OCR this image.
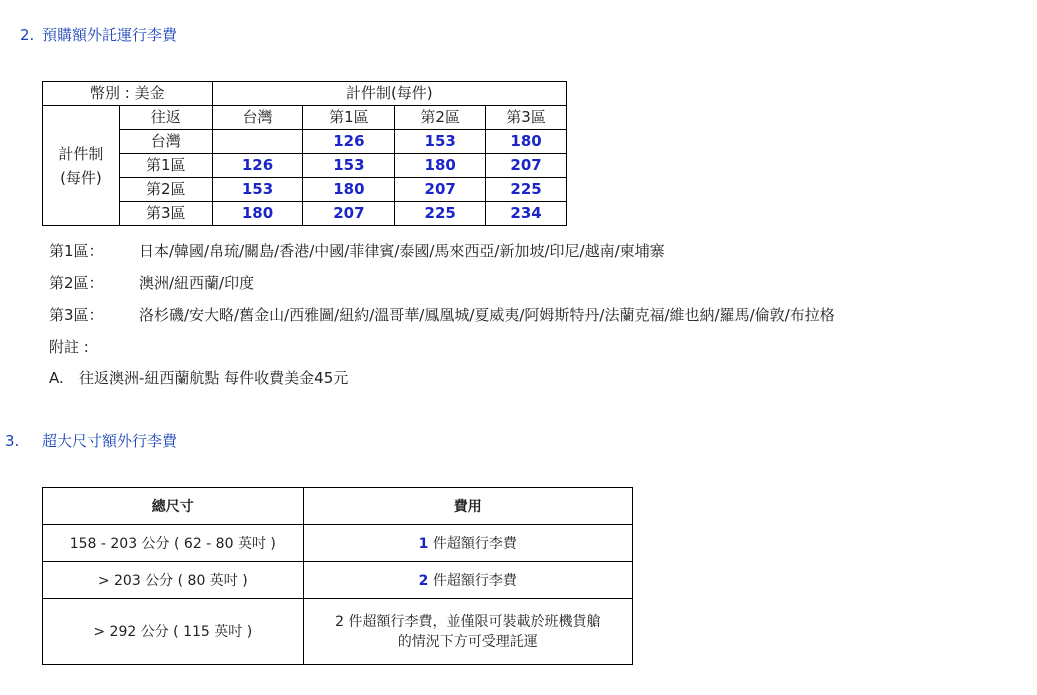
2. 預購額外託運行李費
幣別 : 美金		計件制(每件)			

計件制
(每件)	往返	台灣	第1區	第2區	第3區
	台灣		126	153	180
	第1區	126	153	180	207
	第2區	153	180	207	225
	第3區	180	207	225	234
第1區： 日本/韓國/帛琉/關島/香港/中國/菲律賓/泰國/馬來西亞/新加坡/印尼/越南/柬埔寨
第2區： 澳洲/紐西蘭/印度
第3區： 洛杉磯/安大略/舊金山/西雅圖/紐約/溫哥華/鳳凰城/夏威夷/阿姆斯特丹/法蘭克福/維也納/羅馬/倫敦/布拉格
附註 :
A. 往返澳洲-紐西蘭航點 每件收費美金45元
3. 超大尺寸額外行李費
總尺寸	費用
158 - 203 公分 ( 62 - 80 英吋 )	1 件超額行李費
> 203 公分 ( 80 英吋 )	2 件超額行李費
> 292 公分 ( 115 英吋 )	2 件超額行李費，並僅限可裝載於班機貨艙
的情況下方可受理託運
